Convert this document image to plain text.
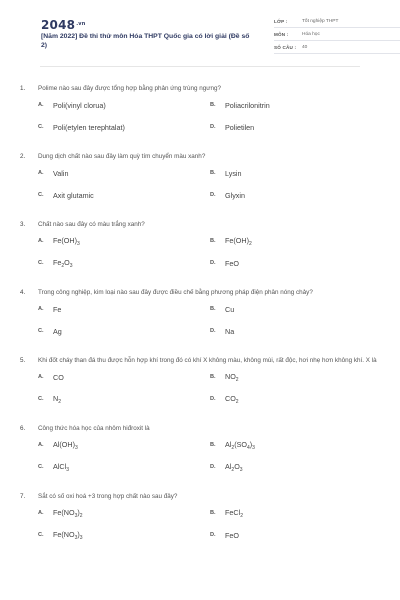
$2048^{.vn}$
[Năm 2022] Đề thi thử môn Hóa THPT Quốc gia có lời giải (Đề số 2)
LỚP :	Tốt nghiệp THPT
MÔN :	Hóa học
SỐ CÂU :	40
1.	Polime nào sau đây được tổng hợp bằng phản ứng trùng ngưng?
A.	Poli(vinyl clorua)	B.	Poliacrilonitrin
C.	Poli(etylen terephtalat)	D.	Polietilen
2.	Dung dịch chất nào sau đây làm quỳ tím chuyển màu xanh?
A.	Valin	B.	Lysin
C.	Axit glutamic	D.	Glyxin
3.	Chất nào sau đây có màu trắng xanh?
A.	$Fe(OH)_3$	B.	$Fe(OH)_2$
C.	$Fe_2O_3$	D.	FeO
4.	Trong công nghiệp, kim loại nào sau đây được điều chế bằng phương pháp điện phân nóng chảy?
A.	Fe	B.	Cu
C.	Ag	D.	Na
5.	Khi đốt cháy than đá thu được hỗn hợp khí trong đó có khí X không màu, không mùi, rất độc, hơi nhẹ hơn không khí. X là
A.	CO	B.	$NO_2$
C.	$N_2$	D.	$CO_2$
6.	Công thức hóa học của nhôm hiđroxit là
A.	$Al(OH)_3$	B.	$Al_2(SO_4)_3$
C.	AlCl$_3$	D.	$Al_2O_3$
7.	Sắt có số oxi hoá +3 trong hợp chất nào sau đây?
A.	$Fe(NO_3)_2$	B.	FeCl$_2$
C.	$Fe(NO_3)_3$	D.	FeO
